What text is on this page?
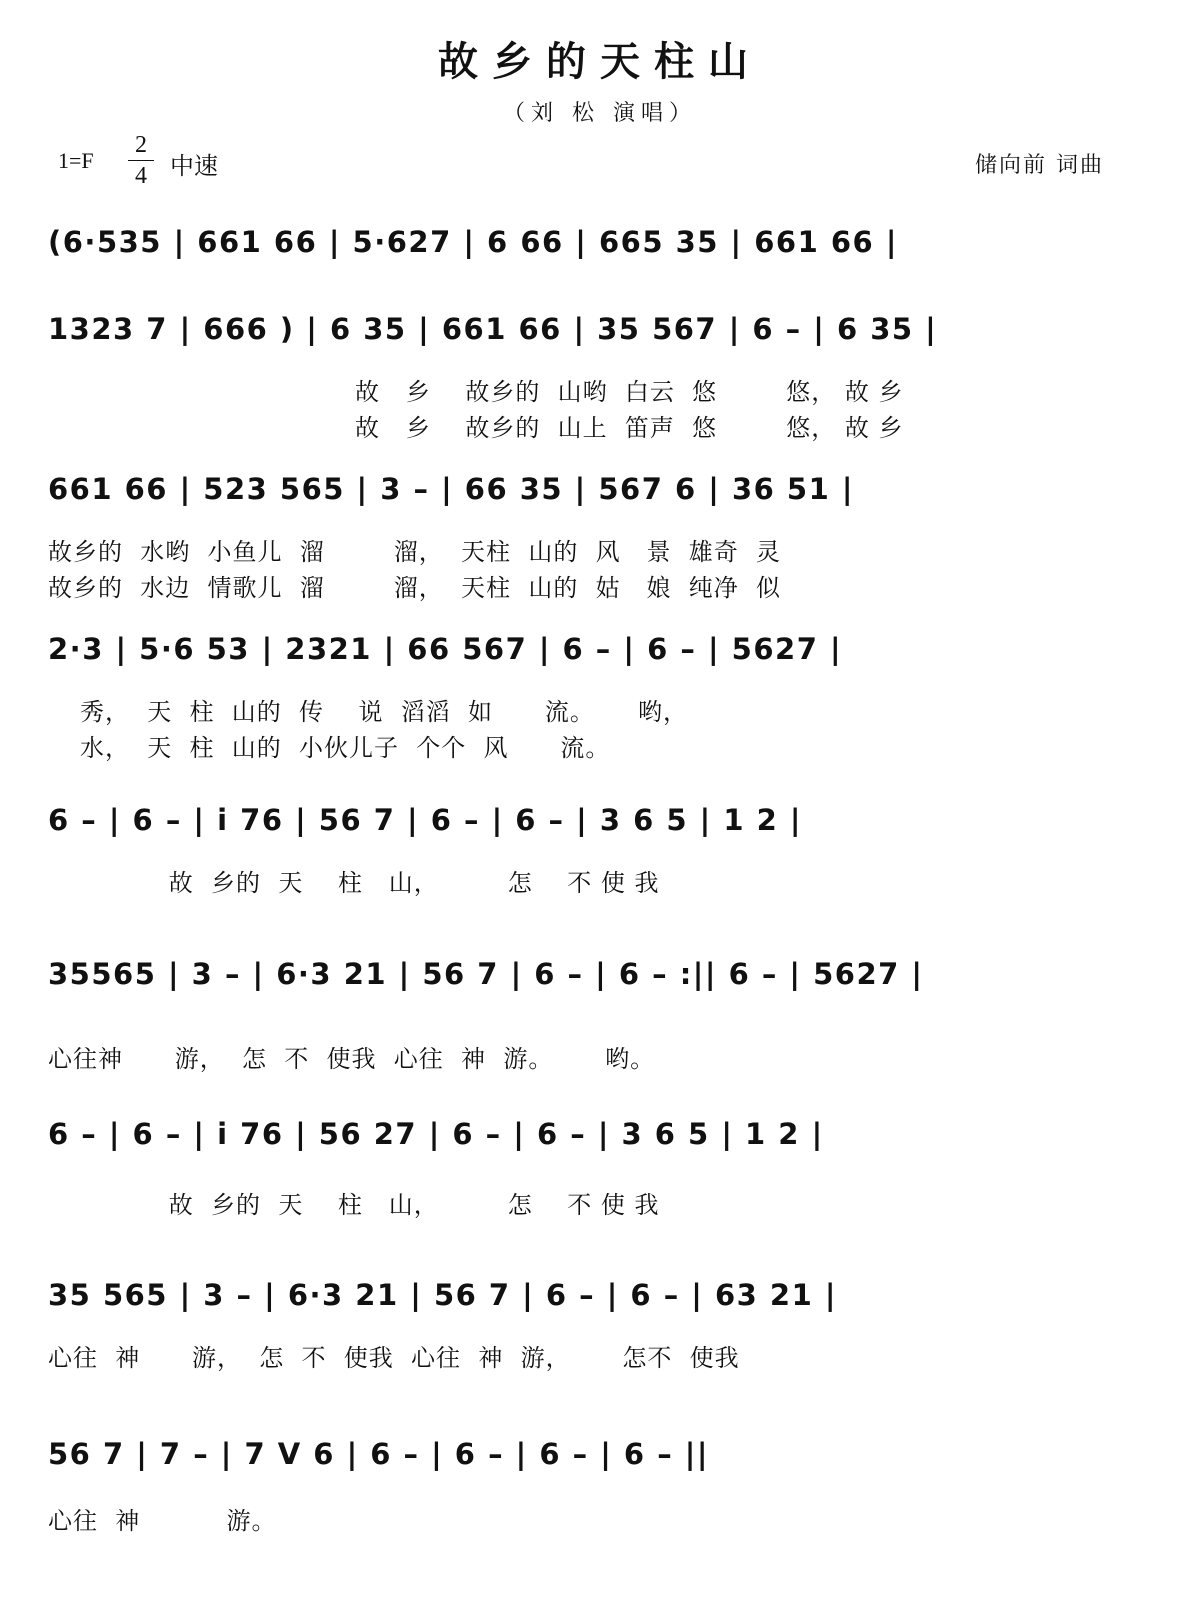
故乡的天柱山
（刘 松 演唱）
1=F
2
4 中速	储向前 词曲
(6·535 | 661 66 | 5·627 | 6 66 | 665 35 | 661 66 |
1323 7 | 666 ) | 6 35 | 661 66 | 35 567 | 6 – | 6 35 |
故   乡    故乡的  山哟  白云  悠        悠， 故 乡
故   乡    故乡的  山上  笛声  悠        悠， 故 乡
661 66 | 523 565 | 3 – | 66 35 | 567 6 | 36 51 |
故乡的  水哟  小鱼儿  溜        溜，  天柱  山的  风   景  雄奇  灵
故乡的  水边  情歌儿  溜        溜，  天柱  山的  姑   娘  纯净  似
2·3 | 5·6 53 | 2321 | 66 567 | 6 – | 6 – | 5627 |
秀，  天  柱  山的  传    说  滔滔  如      流。     哟，
水，  天  柱  山的  小伙儿子  个个  风      流。
6 – | 6 – | i 76 | 56 7 | 6 – | 6 – | 3 6 5 | 1 2 |
故  乡的  天    柱   山，        怎    不 使 我
35565 | 3 – | 6·3 21 | 56 7 | 6 – | 6 – :|| 6 – | 5627 |
心往神      游，  怎  不  使我  心往  神  游。      哟。
6 – | 6 – | i 76 | 56 27 | 6 – | 6 – | 3 6 5 | 1 2 |
故  乡的  天    柱   山，        怎    不 使 我
35 565 | 3 – | 6·3 21 | 56 7 | 6 – | 6 – | 63 21 |
心往  神      游，  怎  不  使我  心往  神  游，      怎不  使我
56 7 | 7 – | 7 V 6 | 6 – | 6 – | 6 – | 6 – ||
心往  神          游。
